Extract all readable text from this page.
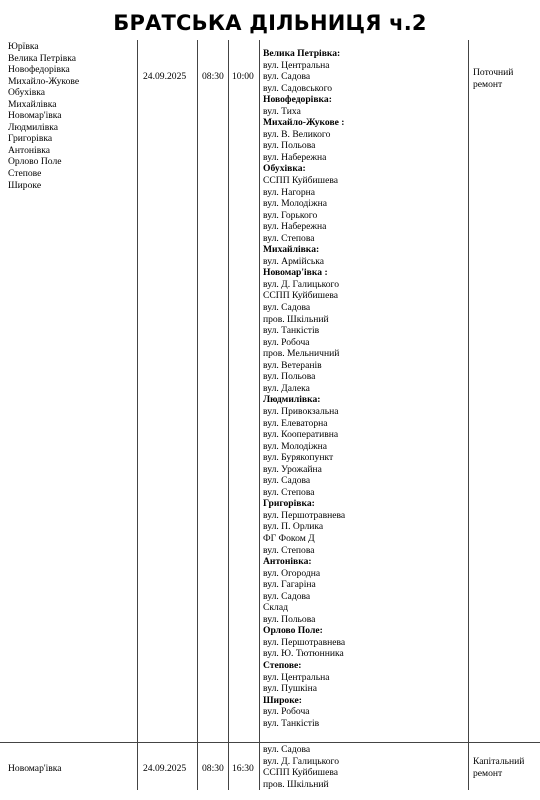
БРАТСЬКА ДІЛЬНИЦЯ ч.2
Юрївка
Велика Петрівка
Новофедорівка
Михайло-Жукове
Обухівка
Михайлівка
Новомар'івка
Людмилівка
Григорівка
Антонівка
Орлово Поле
Степове
Широке
24.09.2025 08:30 10:00
Велика Петрівка:
вул. Центральна
вул. Садова
вул. Садовського
Новофедорівка:
вул. Тиха
Михайло-Жукове :
вул. В. Великого
вул. Польова
вул. Набережна
Обухівка:
ССПП Куйбишева
вул. Нагорна
вул. Молодіжна
вул. Горького
вул. Набережна
вул. Степова
Михайлівка:
вул. Армійська
Новомар'івка :
вул. Д. Галицького
ССПП Куйбишева
вул. Садова
пров. Шкільний
вул. Танкістів
вул. Робоча
пров. Мельничний
вул. Ветеранів
вул. Польова
вул. Далека
Людмилівка:
вул. Привокзальна
вул. Елеваторна
вул. Кооперативна
вул. Молодіжна
вул. Бурякопункт
вул. Урожайна
вул. Садова
вул. Степова
Григорівка:
вул. Першотравнева
вул. П. Орлика
ФГ Фоком Д
вул. Степова
Антонівка:
вул. Огородна
вул. Гагаріна
вул. Садова
Склад
вул. Польова
Орлово Поле:
вул. Першотравнева
вул. Ю. Тютюнника
Степове:
вул. Центральна
вул. Пушкіна
Широке:
вул. Робоча
вул. Танкістів
Поточний
ремонт
Новомар'івка	24.09.2025 08:30 16:30
вул. Садова
вул. Д. Галицького
ССПП Куйбишева
пров. Шкільний
Капітальний
ремонт
